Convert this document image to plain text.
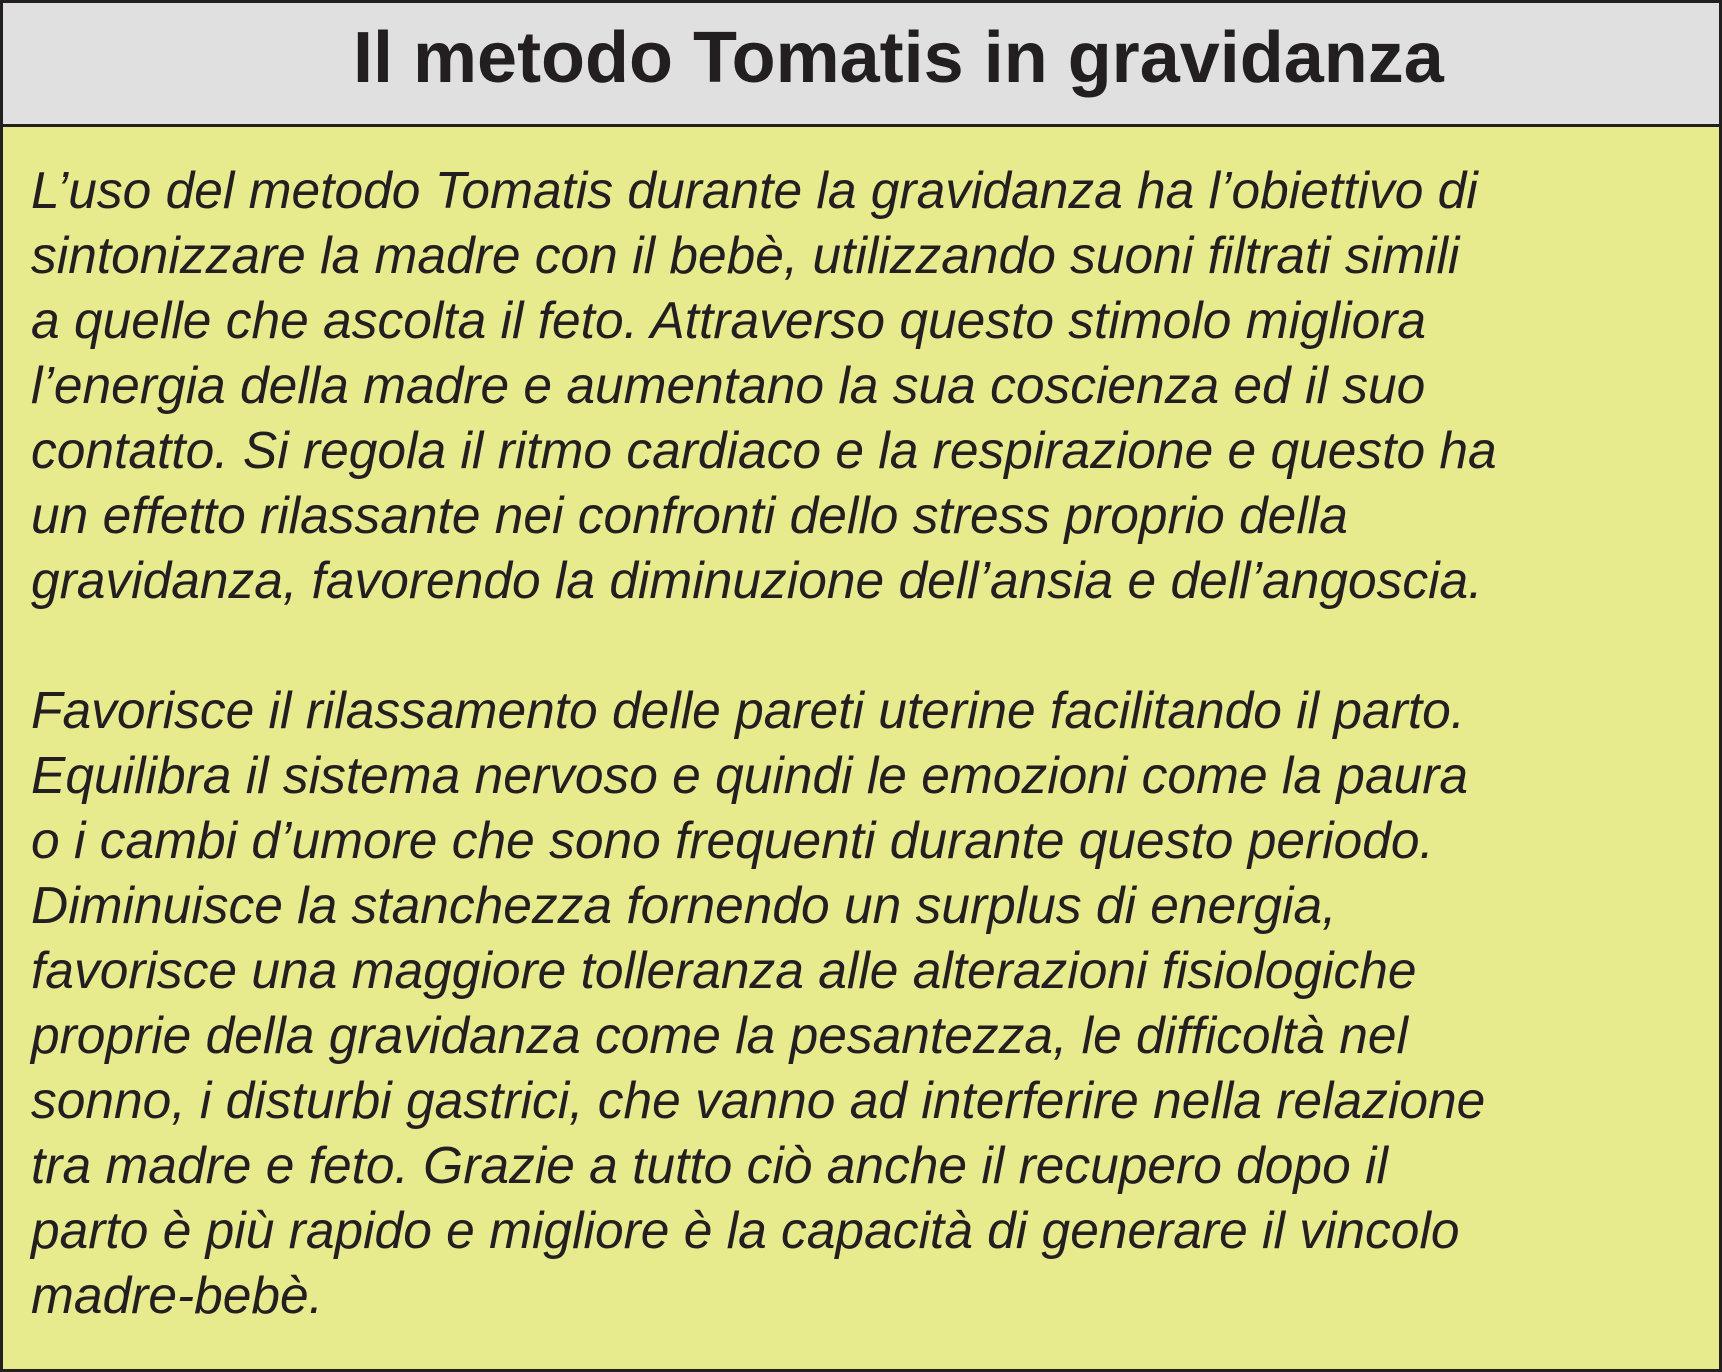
Il metodo Tomatis in gravidanza

L’uso del metodo Tomatis durante la gravidanza ha l’obiettivo di
sintonizzare la madre con il bebè, utilizzando suoni filtrati simili
a quelle che ascolta il feto. Attraverso questo stimolo migliora
l’energia della madre e aumentano la sua coscienza ed il suo
contatto. Si regola il ritmo cardiaco e la respirazione e questo ha
un effetto rilassante nei confronti dello stress proprio della
gravidanza, favorendo la diminuzione dell’ansia e dell’angoscia.

Favorisce il rilassamento delle pareti uterine facilitando il parto.
Equilibra il sistema nervoso e quindi le emozioni come la paura
o i cambi d’umore che sono frequenti durante questo periodo.
Diminuisce la stanchezza fornendo un surplus di energia,
favorisce una maggiore tolleranza alle alterazioni fisiologiche
proprie della gravidanza come la pesantezza, le difficoltà nel
sonno, i disturbi gastrici, che vanno ad interferire nella relazione
tra madre e feto. Grazie a tutto ciò anche il recupero dopo il
parto è più rapido e migliore è la capacità di generare il vincolo
madre-bebè.
